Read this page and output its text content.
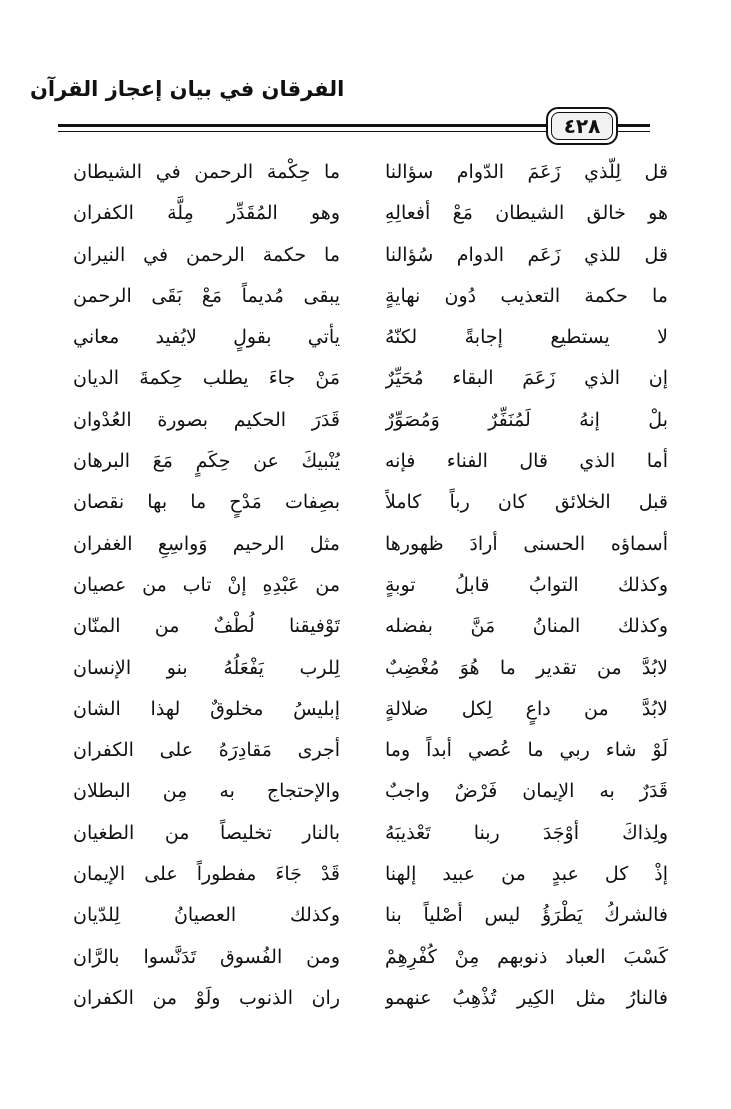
الفرقان في بيان إعجاز القرآن
٤٢٨
قل لِلّذي زَعَمَ الدّوام سؤالنا
ما حِكْمة الرحمن في الشيطان
هو خالق الشيطان مَعْ أفعالِهِ
وهو المُقَدِّر مِلَّة الكفران
قل للذي زَعَم الدوام سُؤالنا
ما حكمة الرحمن في النيران
ما حكمة التعذيب دُون نهايةٍ
يبقى مُديماً مَعْ بَقَى الرحمن
لا يستطيع إجابةً لكنّهُ
يأتي بقولٍ لايُفيد معاني
إن الذي زَعَمَ البقاء مُحَيِّرٌ
مَنْ جاءَ يطلب حِكمةَ الديان
بلْ إنهُ لَمُنَفِّرٌ وَمُصَوِّرٌ
قَدَرَ الحكيم بصورة العُدْوان
أما الذي قال الفناء فإنه
يُنْبيكَ عن حِكَمٍ مَعَ البرهان
قبل الخلائق كان رباً كاملاً
بصِفات مَدْحٍ ما بها نقصان
أسماؤه الحسنى أرادَ ظهورها
مثل الرحيم وَواسِعِ الغفران
وكذلك التوابُ قابلُ توبةٍ
من عَبْدِهِ إنْ تاب من عصيان
وكذلك المنانُ مَنَّ بفضله
تَوْفيقنا لُطْفٌ من المنّان
لابُدَّ من تقدير ما هُوَ مُغْضِبٌ
لِلرب يَفْعَلُهُ بنو الإنسان
لابُدَّ من داعٍ لِكل ضلالةٍ
إبليسُ مخلوقٌ لهذا الشان
لَوْ شاء ربي ما عُصي أبداً وما
أجرى مَقادِرَهُ على الكفران
قَدَرٌ به الإيمان فَرْضٌ واجبٌ
والإحتجاج به مِن البطلان
ولِذاكَ أوْجَدَ ربنا تَعْذيبَهُ
بالنار تخليصاً من الطغيان
إذْ كل عبدٍ من عبيد إلهنا
قَدْ جَاءَ مفطوراً على الإيمان
فالشركُ يَطْرَؤُ ليس أصْلياً بنا
وكذلك العصيانُ لِلدّيان
كَسْبَ العباد ذنوبهم مِنْ كُفْرِهِمْ
ومن الفُسوق تَدَنَّسوا بالرَّان
فالنارُ مثل الكِير تُذْهِبُ عنهمو
ران الذنوب ولَوْ من الكفران
